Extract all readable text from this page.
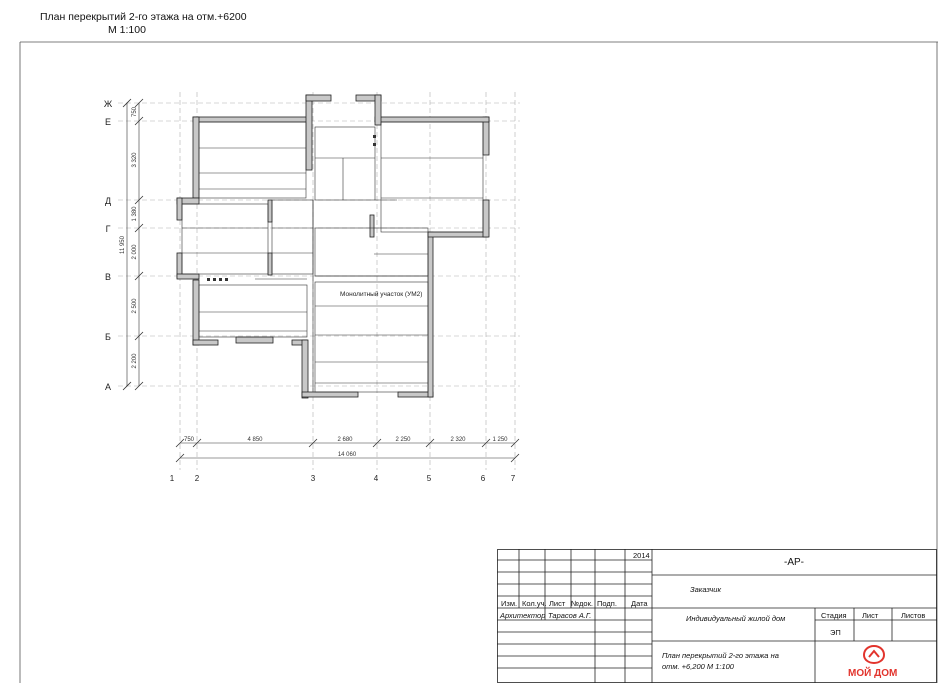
План перекрытий 2-го этажа на отм.+6200
М 1:100
Ж
Е
Д
Г
В
Б
А
750
3 320
1 380
2 000
2 500
2 200
11 950
750	4 850	2 680	2 250	2 320	1 250
14 060
1	2	3	4	5	6	7
Монолитный участок (УМ2)
2014
-АР-
Заказчик
Изм. Кол.уч. Лист №док. Подп. Дата
Архитектор Тарасов А.Г.	Индивидуальный жилой дом	Стадия Лист	Листов
ЭП
План перекрытий 2-го этажа на
отм. +6,200 М 1:100
МОЙ ДОМ
